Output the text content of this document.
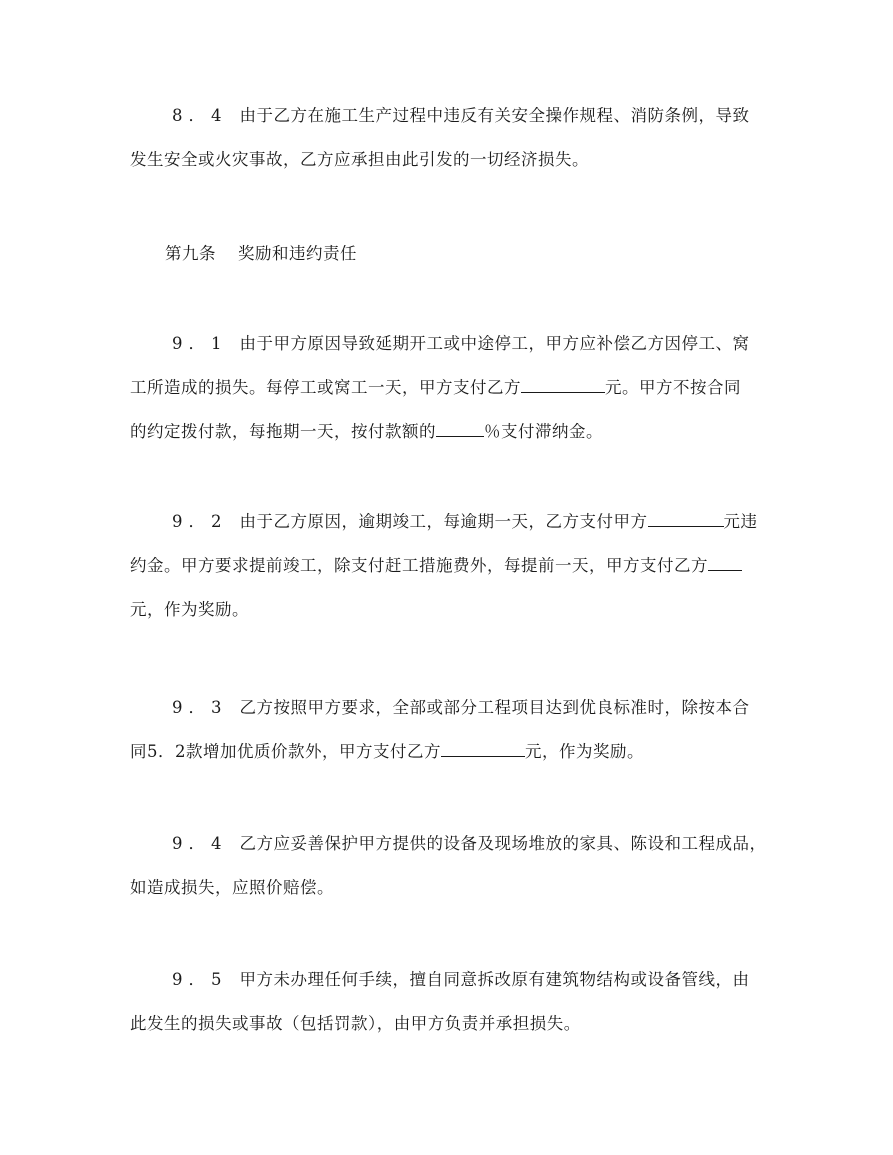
8．4 由于乙方在施工生产过程中违反有关安全操作规程、消防条例，导致
发生安全或火灾事故，乙方应承担由此引发的一切经济损失。
第九条 奖励和违约责任
9．1 由于甲方原因导致延期开工或中途停工，甲方应补偿乙方因停工、窝
工所造成的损失。每停工或窝工一天，甲方支付乙方	元。甲方不按合同
的约定拨付款，每拖期一天，按付款额的	％支付滞纳金。
9．2 由于乙方原因，逾期竣工，每逾期一天，乙方支付甲方	元违
约金。甲方要求提前竣工，除支付赶工措施费外，每提前一天，甲方支付乙方
元，作为奖励。
9．3 乙方按照甲方要求，全部或部分工程项目达到优良标准时，除按本合
同5．2款增加优质价款外，甲方支付乙方	元，作为奖励。
9．4 乙方应妥善保护甲方提供的设备及现场堆放的家具、陈设和工程成品，
如造成损失，应照价赔偿。
9．5 甲方未办理任何手续，擅自同意拆改原有建筑物结构或设备管线，由
此发生的损失或事故（包括罚款），由甲方负责并承担损失。
